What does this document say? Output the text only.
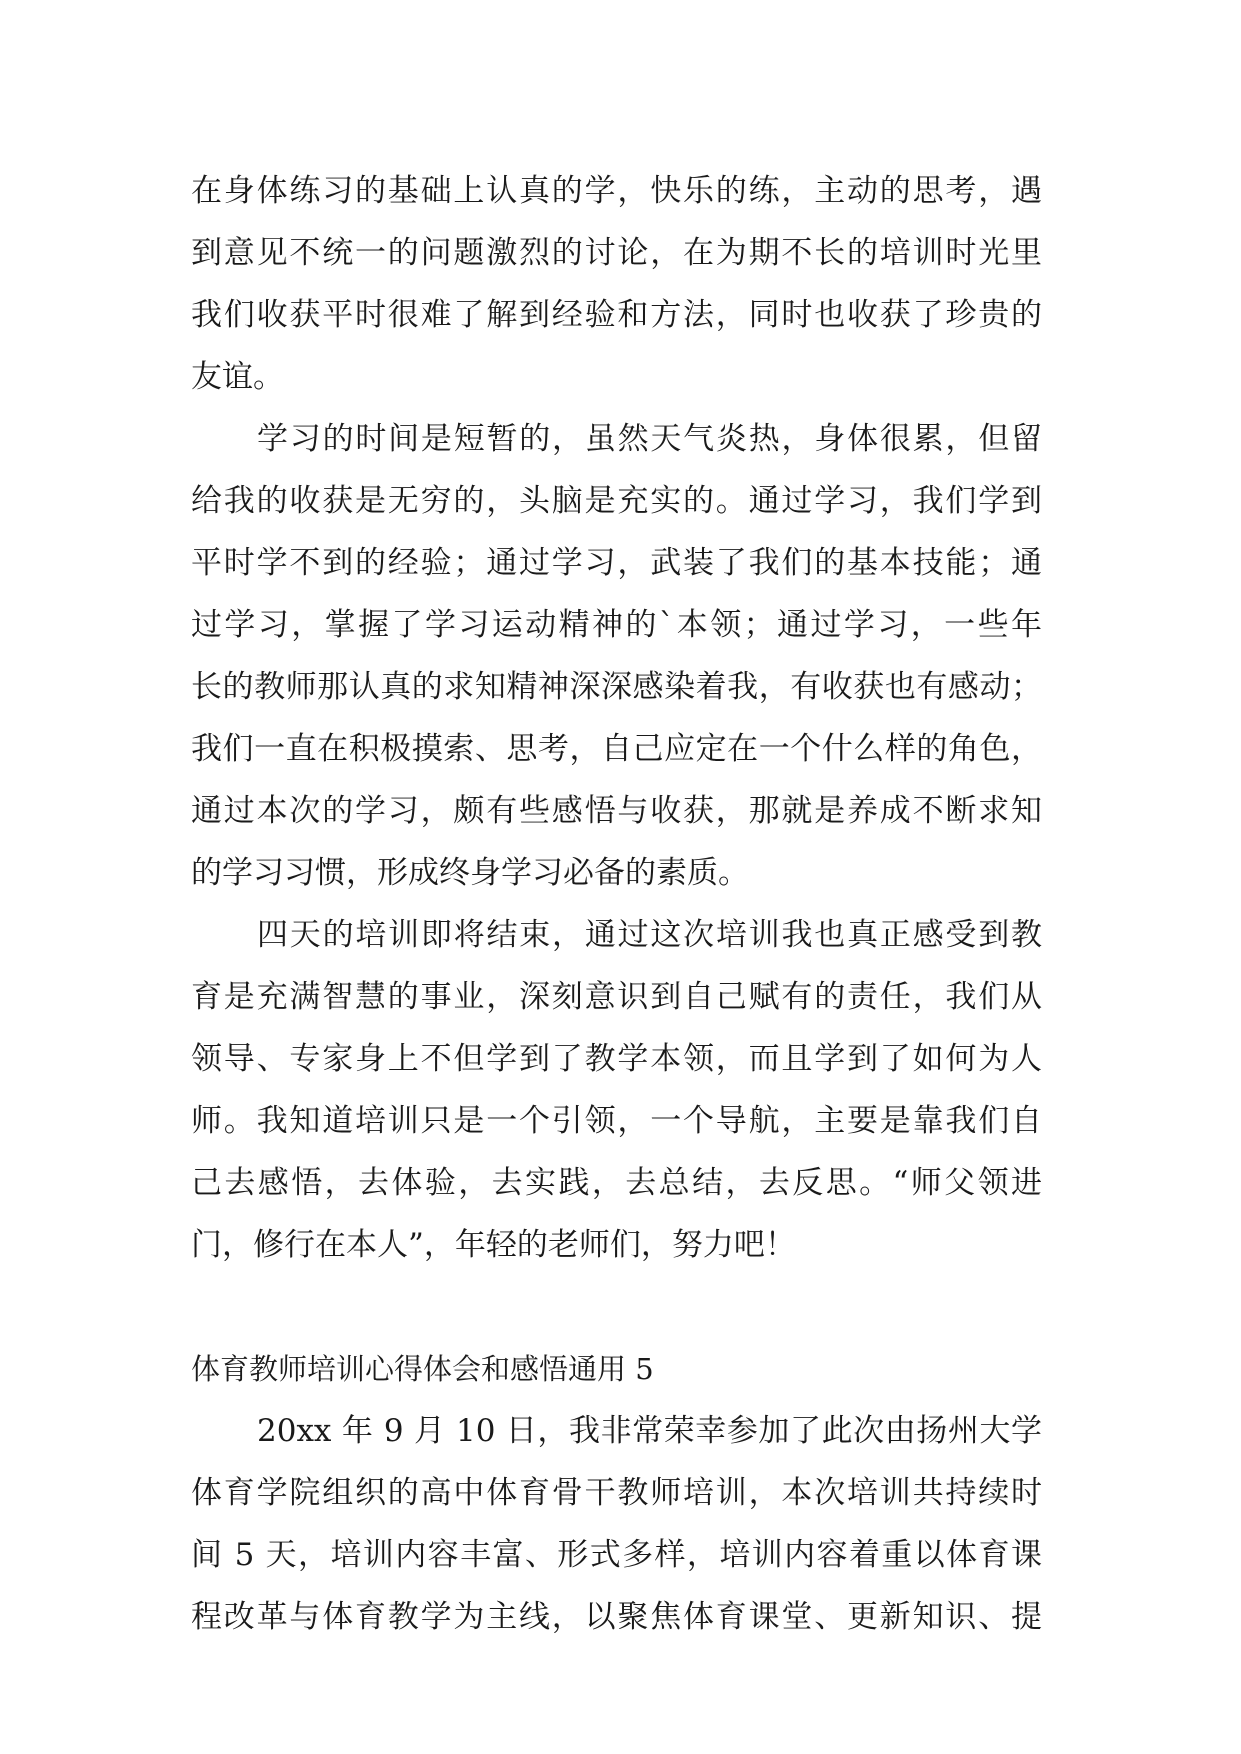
在身体练习的基础上认真的学，快乐的练，主动的思考，遇
到意见不统一的问题激烈的讨论，在为期不长的培训时光里
我们收获平时很难了解到经验和方法，同时也收获了珍贵的
友谊。
学习的时间是短暂的，虽然天气炎热，身体很累，但留
给我的收获是无穷的，头脑是充实的。通过学习，我们学到
平时学不到的经验；通过学习，武装了我们的基本技能；通
过学习，掌握了学习运动精神的`本领；通过学习，一些年
长的教师那认真的求知精神深深感染着我，有收获也有感动；
我们一直在积极摸索、思考，自己应定在一个什么样的角色，
通过本次的学习，颇有些感悟与收获，那就是养成不断求知
的学习习惯，形成终身学习必备的素质。
四天的培训即将结束，通过这次培训我也真正感受到教
育是充满智慧的事业，深刻意识到自己赋有的责任，我们从
领导、专家身上不但学到了教学本领，而且学到了如何为人
师。我知道培训只是一个引领，一个导航，主要是靠我们自
己去感悟，去体验，去实践，去总结，去反思。“师父领进
门，修行在本人”，年轻的老师们，努力吧！
体育教师培训心得体会和感悟通用 5
20xx 年 9 月 10 日，我非常荣幸参加了此次由扬州大学
体育学院组织的高中体育骨干教师培训，本次培训共持续时
间 5 天，培训内容丰富、形式多样，培训内容着重以体育课
程改革与体育教学为主线，以聚焦体育课堂、更新知识、提
